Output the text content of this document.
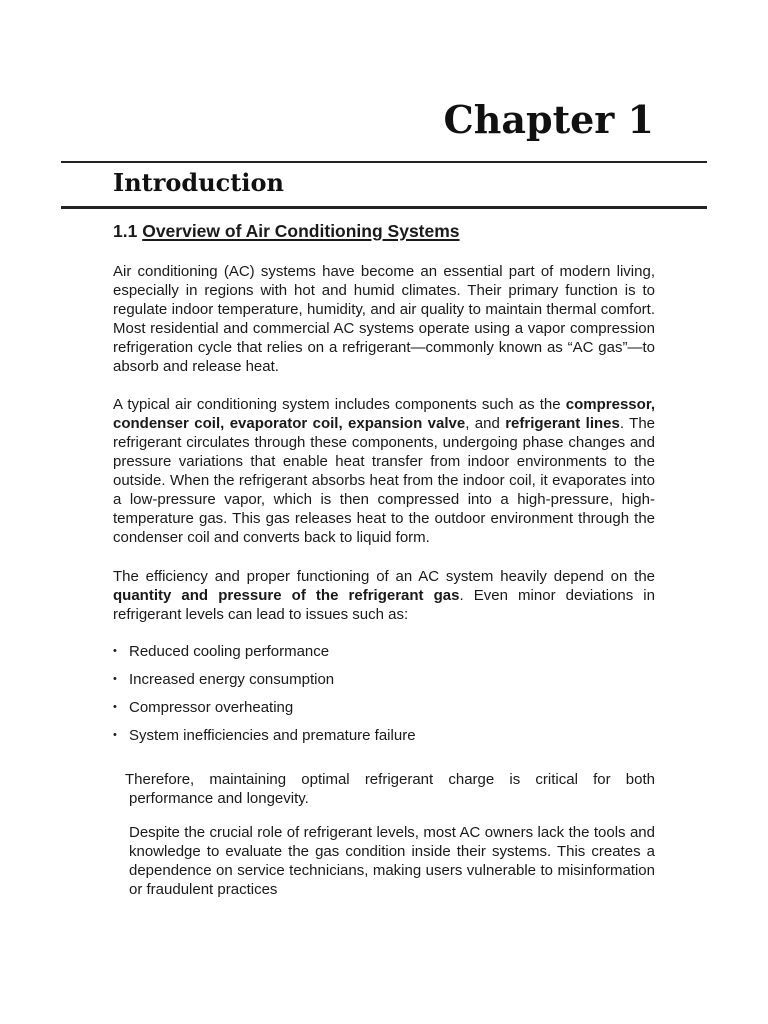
Chapter 1
Introduction
1.1 Overview of Air Conditioning Systems

Air conditioning (AC) systems have become an essential part of modern living, especially in regions with hot and humid climates. Their primary function is to regulate indoor temperature, humidity, and air quality to maintain thermal comfort. Most residential and commercial AC systems operate using a vapor compression refrigeration cycle that relies on a refrigerant—commonly known as “AC gas”—to absorb and release heat.

A typical air conditioning system includes components such as the compressor, condenser coil, evaporator coil, expansion valve, and refrigerant lines. The refrigerant circulates through these components, undergoing phase changes and pressure variations that enable heat transfer from indoor environments to the outside. When the refrigerant absorbs heat from the indoor coil, it evaporates into a low-pressure vapor, which is then compressed into a high-pressure, high-temperature gas. This gas releases heat to the outdoor environment through the condenser coil and converts back to liquid form.

The efficiency and proper functioning of an AC system heavily depend on the quantity and pressure of the refrigerant gas. Even minor deviations in refrigerant levels can lead to issues such as:

• Reduced cooling performance
• Increased energy consumption
• Compressor overheating
• System inefficiencies and premature failure

Therefore, maintaining optimal refrigerant charge is critical for both performance and longevity.

Despite the crucial role of refrigerant levels, most AC owners lack the tools and knowledge to evaluate the gas condition inside their systems. This creates a dependence on service technicians, making users vulnerable to misinformation or fraudulent practices
